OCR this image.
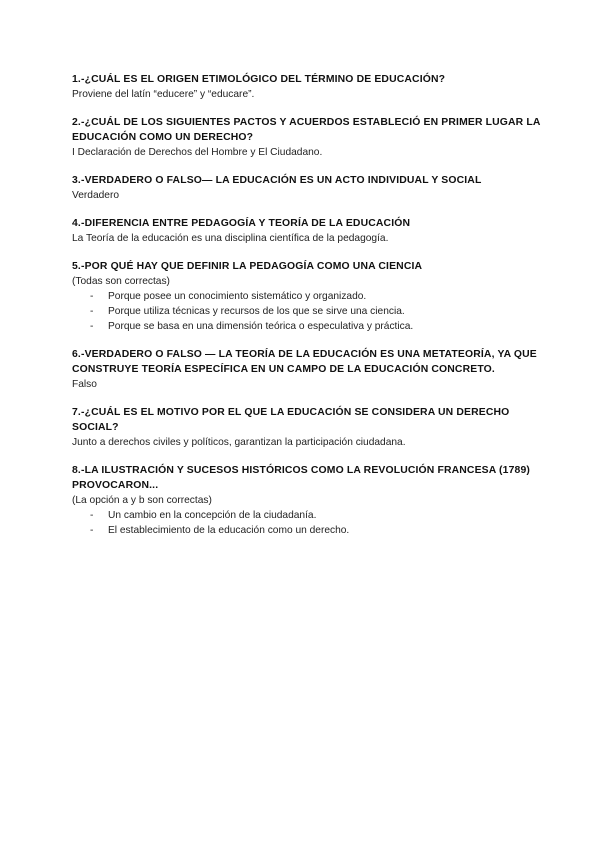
1.-¿CUÁL ES EL ORIGEN ETIMOLÓGICO DEL TÉRMINO DE EDUCACIÓN?

Proviene del latín “educere” y “educare”.

2.-¿CUÁL DE LOS SIGUIENTES PACTOS Y ACUERDOS ESTABLECIÓ EN PRIMER LUGAR LA EDUCACIÓN COMO UN DERECHO?

I Declaración de Derechos del Hombre y El Ciudadano.

3.-VERDADERO O FALSO— LA EDUCACIÓN ES UN ACTO INDIVIDUAL Y SOCIAL

Verdadero

4.-DIFERENCIA ENTRE PEDAGOGÍA Y TEORÍA DE LA EDUCACIÓN

La Teoría de la educación es una disciplina científica de la pedagogía.

5.-POR QUÉ HAY QUE DEFINIR LA PEDAGOGÍA COMO UNA CIENCIA

(Todas son correctas)

- Porque posee un conocimiento sistemático y organizado.
- Porque utiliza técnicas y recursos de los que se sirve una ciencia.
- Porque se basa en una dimensión teórica o especulativa y práctica.

6.-VERDADERO O FALSO — LA TEORÍA DE LA EDUCACIÓN ES UNA METATEORÍA, YA QUE CONSTRUYE TEORÍA ESPECÍFICA EN UN CAMPO DE LA EDUCACIÓN CONCRETO.

Falso

7.-¿CUÁL ES EL MOTIVO POR EL QUE LA EDUCACIÓN SE CONSIDERA UN DERECHO SOCIAL?

Junto a derechos civiles y políticos, garantizan la participación ciudadana.

8.-LA ILUSTRACIÓN Y SUCESOS HISTÓRICOS COMO LA REVOLUCIÓN FRANCESA (1789) PROVOCARON...

(La opción a y b son correctas)

- Un cambio en la concepción de la ciudadanía.
- El establecimiento de la educación como un derecho.
